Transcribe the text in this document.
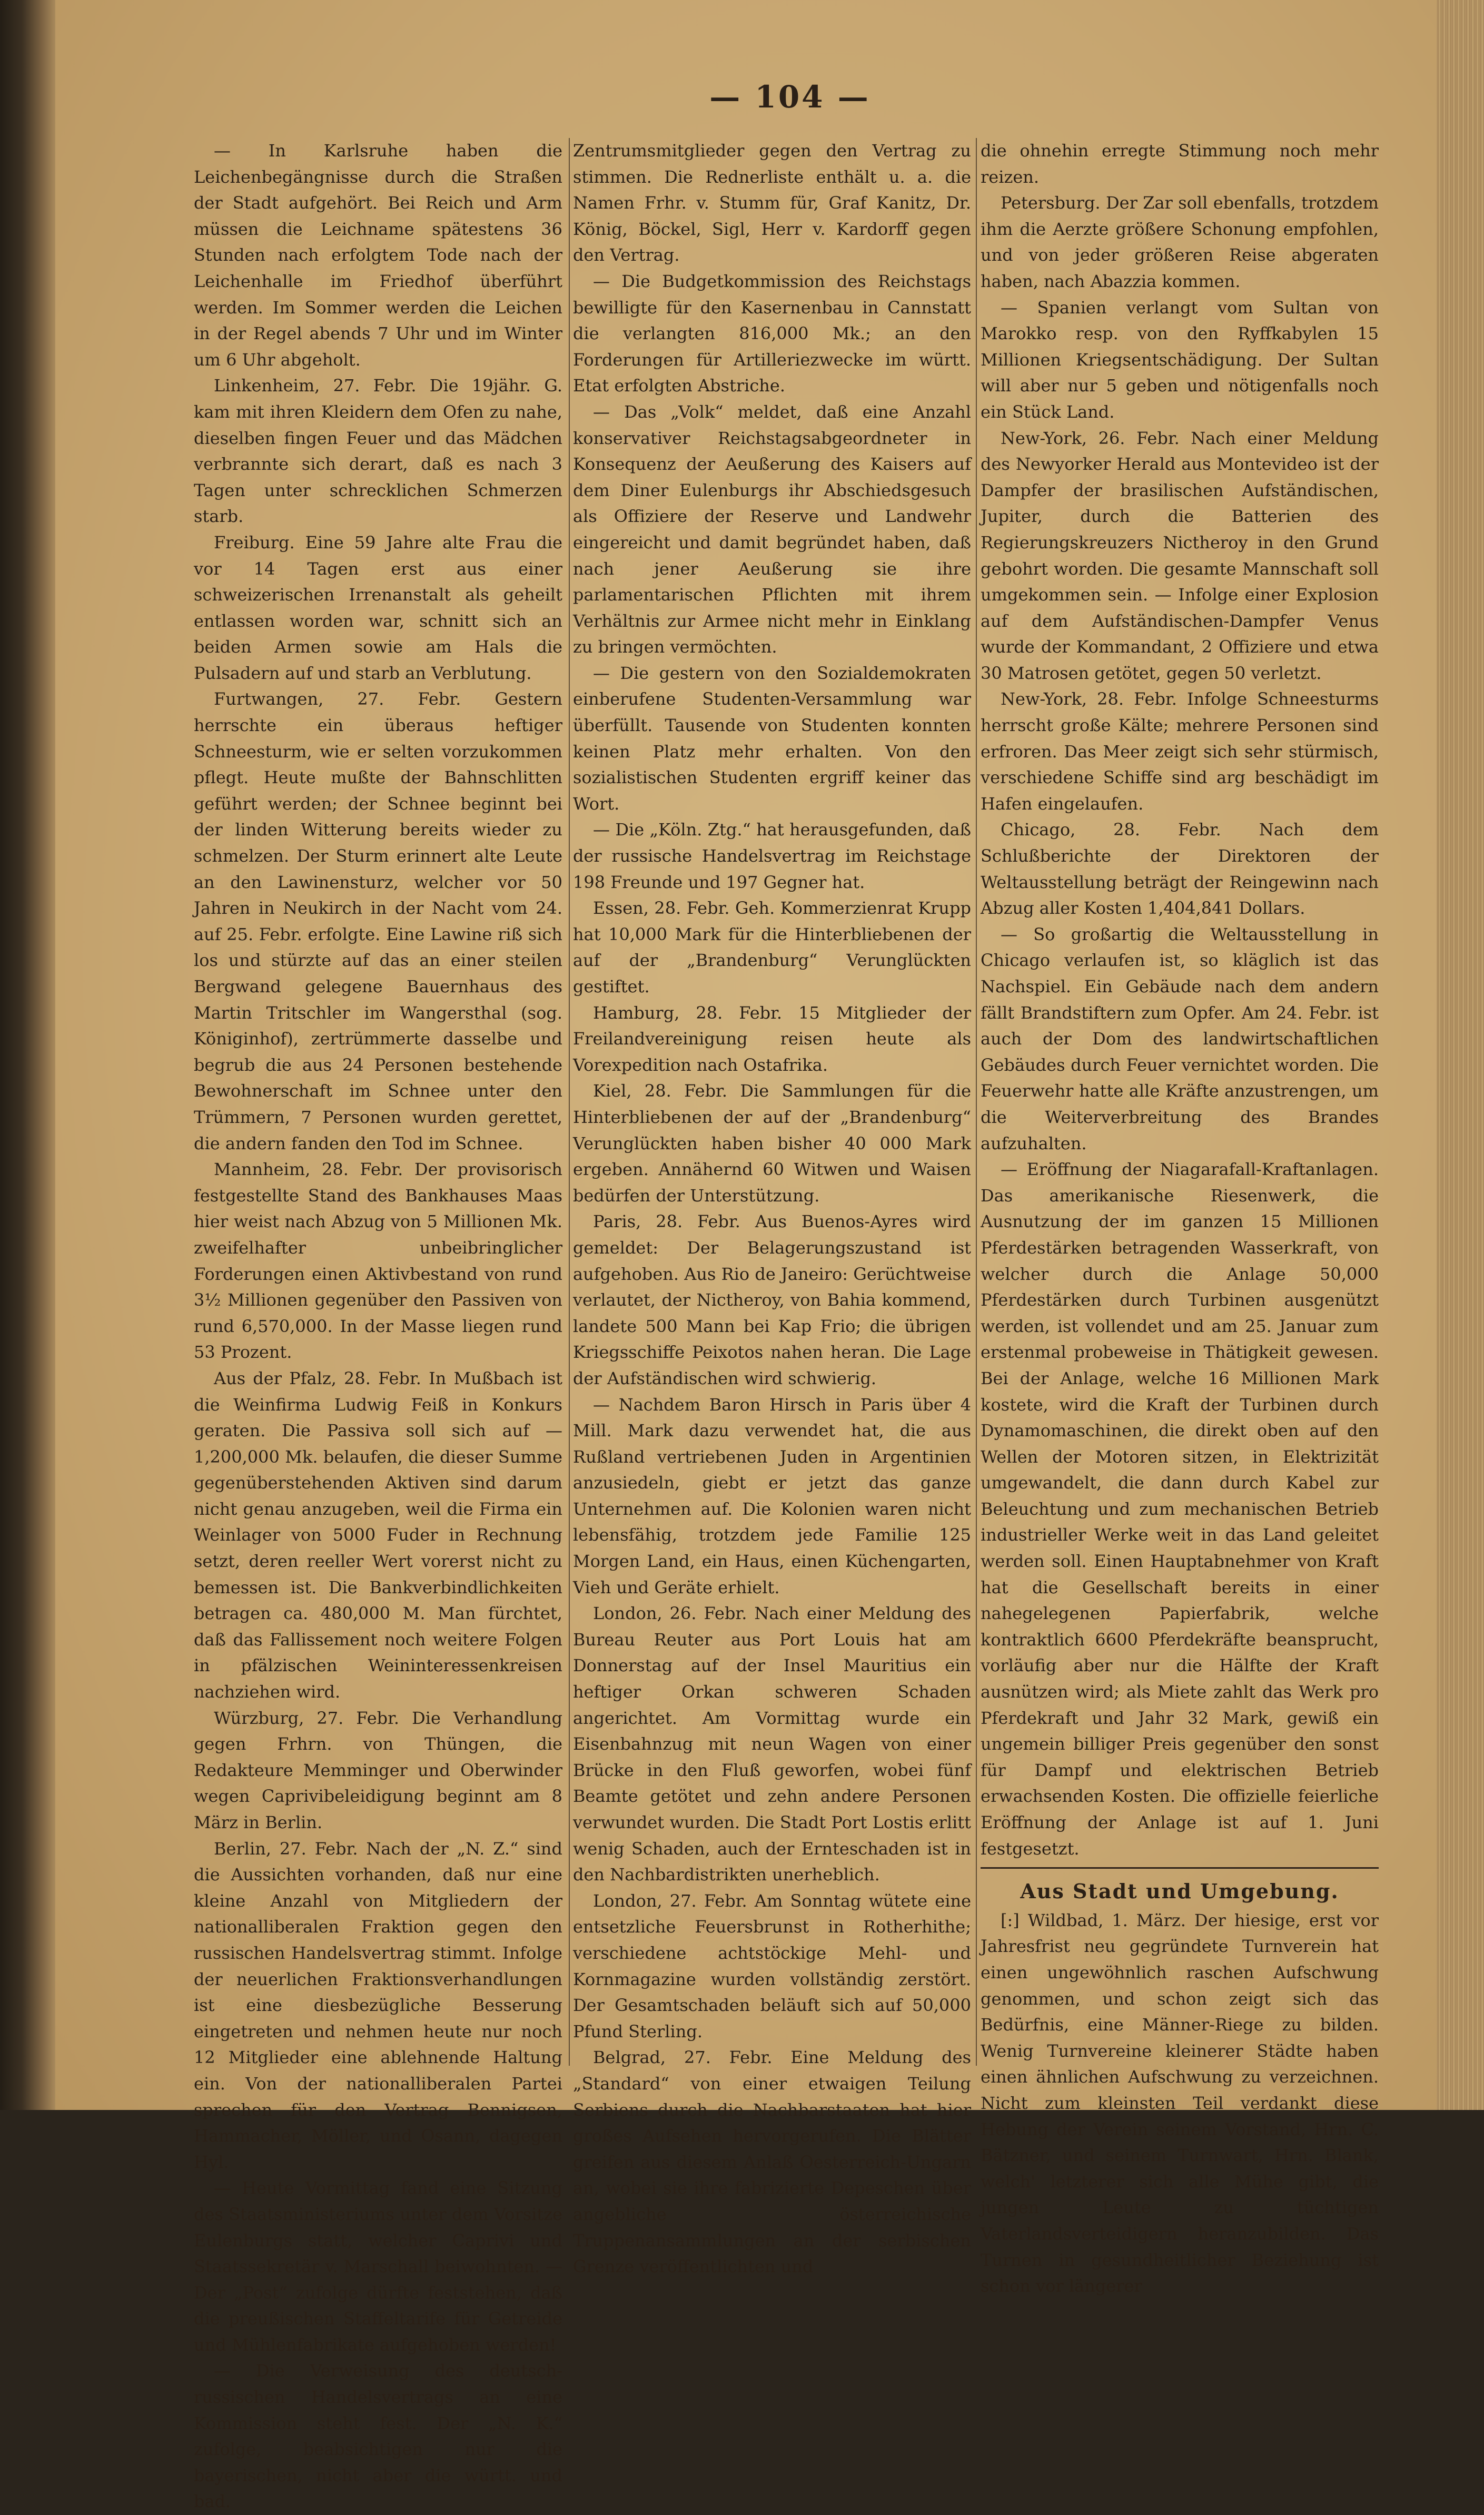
— 104 —

— In Karlsruhe haben die Leichenbegängnisse durch die Straßen der Stadt aufgehört. Bei Reich und Arm müssen die Leichname spätestens 36 Stunden nach erfolgtem Tode nach der Leichenhalle im Friedhof überführt werden. Im Sommer werden die Leichen in der Regel abends 7 Uhr und im Winter um 6 Uhr abgeholt.

Linkenheim, 27. Febr. Die 19jähr. G. kam mit ihren Kleidern dem Ofen zu nahe, dieselben fingen Feuer und das Mädchen verbrannte sich derart, daß es nach 3 Tagen unter schrecklichen Schmerzen starb.

Freiburg. Eine 59 Jahre alte Frau die vor 14 Tagen erst aus einer schweizerischen Irrenanstalt als geheilt entlassen worden war, schnitt sich an beiden Armen sowie am Hals die Pulsadern auf und starb an Verblutung.

Furtwangen, 27. Febr. Gestern herrschte ein überaus heftiger Schneesturm, wie er selten vorzukommen pflegt. Heute mußte der Bahnschlitten geführt werden; der Schnee beginnt bei der linden Witterung bereits wieder zu schmelzen. Der Sturm erinnert alte Leute an den Lawinensturz, welcher vor 50 Jahren in Neukirch in der Nacht vom 24. auf 25. Febr. erfolgte. Eine Lawine riß sich los und stürzte auf das an einer steilen Bergwand gelegene Bauernhaus des Martin Tritschler im Wangersthal (sog. Königinhof), zertrümmerte dasselbe und begrub die aus 24 Personen bestehende Bewohnerschaft im Schnee unter den Trümmern, 7 Personen wurden gerettet, die andern fanden den Tod im Schnee.

Mannheim, 28. Febr. Der provisorisch festgestellte Stand des Bankhauses Maas hier weist nach Abzug von 5 Millionen Mk. zweifelhafter unbeibringlicher Forderungen einen Aktivbestand von rund 3½ Millionen gegenüber den Passiven von rund 6,570,000. In der Masse liegen rund 53 Prozent.

Aus der Pfalz, 28. Febr. In Mußbach ist die Weinfirma Ludwig Feiß in Konkurs geraten. Die Passiva soll sich auf — 1,200,000 Mk. belaufen, die dieser Summe gegenüberstehenden Aktiven sind darum nicht genau anzugeben, weil die Firma ein Weinlager von 5000 Fuder in Rechnung setzt, deren reeller Wert vorerst nicht zu bemessen ist. Die Bankverbindlichkeiten betragen ca. 480,000 M. Man fürchtet, daß das Fallissement noch weitere Folgen in pfälzischen Weininteressenkreisen nachziehen wird.

Würzburg, 27. Febr. Die Verhandlung gegen Frhrn. von Thüngen, die Redakteure Memminger und Oberwinder wegen Caprivibeleidigung beginnt am 8 März in Berlin.

Berlin, 27. Febr. Nach der „N. Z.“ sind die Aussichten vorhanden, daß nur eine kleine Anzahl von Mitgliedern der nationalliberalen Fraktion gegen den russischen Handelsvertrag stimmt. Infolge der neuerlichen Fraktionsverhandlungen ist eine diesbezügliche Besserung eingetreten und nehmen heute nur noch 12 Mitglieder eine ablehnende Haltung ein. Von der nationalliberalen Partei sprechen für den Vertrag Bennigsen, Hammacher, Möller, und Osann, dagegen Hyl.

— Heute Vormittag fand eine Sitzung des Staatsministeriums unter dem Vorsitze Eulenburgs statt, welcher Caprivi und Staatssekretär v. Marschall beiwohnten. — Der „Post“ zufolge dürfte feststehen, daß die preußischen Staffeltarife für Getreide und Mühlenfabrikate aufgehoben werden!

— Die Verweisung des deutsch-russischen Handelsvertrags an eine Kommission steht fest. Der „N. K.“ zufolge, beabsichtigen nur die bayerischen, nicht aber die württ. und bad.

Zentrumsmitglieder gegen den Vertrag zu stimmen. Die Rednerliste enthält u. a. die Namen Frhr. v. Stumm für, Graf Kanitz, Dr. König, Böckel, Sigl, Herr v. Kardorff gegen den Vertrag.

— Die Budgetkommission des Reichstags bewilligte für den Kasernenbau in Cannstatt die verlangten 816,000 Mk.; an den Forderungen für Artilleriezwecke im württ. Etat erfolgten Abstriche.

— Das „Volk“ meldet, daß eine Anzahl konservativer Reichstagsabgeordneter in Konsequenz der Aeußerung des Kaisers auf dem Diner Eulenburgs ihr Abschiedsgesuch als Offiziere der Reserve und Landwehr eingereicht und damit begründet haben, daß nach jener Aeußerung sie ihre parlamentarischen Pflichten mit ihrem Verhältnis zur Armee nicht mehr in Einklang zu bringen vermöchten.

— Die gestern von den Sozialdemokraten einberufene Studenten-Versammlung war überfüllt. Tausende von Studenten konnten keinen Platz mehr erhalten. Von den sozialistischen Studenten ergriff keiner das Wort.

— Die „Köln. Ztg.“ hat herausgefunden, daß der russische Handelsvertrag im Reichstage 198 Freunde und 197 Gegner hat.

Essen, 28. Febr. Geh. Kommerzienrat Krupp hat 10,000 Mark für die Hinterbliebenen der auf der „Brandenburg“ Verunglückten gestiftet.

Hamburg, 28. Febr. 15 Mitglieder der Freilandvereinigung reisen heute als Vorexpedition nach Ostafrika.

Kiel, 28. Febr. Die Sammlungen für die Hinterbliebenen der auf der „Brandenburg“ Verunglückten haben bisher 40 000 Mark ergeben. Annähernd 60 Witwen und Waisen bedürfen der Unterstützung.

Paris, 28. Febr. Aus Buenos-Ayres wird gemeldet: Der Belagerungszustand ist aufgehoben. Aus Rio de Janeiro: Gerüchtweise verlautet, der Nictheroy, von Bahia kommend, landete 500 Mann bei Kap Frio; die übrigen Kriegsschiffe Peixotos nahen heran. Die Lage der Aufständischen wird schwierig.

— Nachdem Baron Hirsch in Paris über 4 Mill. Mark dazu verwendet hat, die aus Rußland vertriebenen Juden in Argentinien anzusiedeln, giebt er jetzt das ganze Unternehmen auf. Die Kolonien waren nicht lebensfähig, trotzdem jede Familie 125 Morgen Land, ein Haus, einen Küchengarten, Vieh und Geräte erhielt.

London, 26. Febr. Nach einer Meldung des Bureau Reuter aus Port Louis hat am Donnerstag auf der Insel Mauritius ein heftiger Orkan schweren Schaden angerichtet. Am Vormittag wurde ein Eisenbahnzug mit neun Wagen von einer Brücke in den Fluß geworfen, wobei fünf Beamte getötet und zehn andere Personen verwundet wurden. Die Stadt Port Lostis erlitt wenig Schaden, auch der Ernteschaden ist in den Nachbardistrikten unerheblich.

London, 27. Febr. Am Sonntag wütete eine entsetzliche Feuersbrunst in Rotherhithe; verschiedene achtstöckige Mehl- und Kornmagazine wurden vollständig zerstört. Der Gesamtschaden beläuft sich auf 50,000 Pfund Sterling.

Belgrad, 27. Febr. Eine Meldung des „Standard“ von einer etwaigen Teilung Serbiens durch die Nachbarstaaten hat hier großes Aufsehen hervorgerufen. Die Blätter greifen aus diesem Anlaß Oesterreich-Ungarn an, wobei sie ihre fabrizierte Depeschen über angebliche österreichische Truppenansammlungen an der serbischen Grenze veröffentlichten und

die ohnehin erregte Stimmung noch mehr reizen.

Petersburg. Der Zar soll ebenfalls, trotzdem ihm die Aerzte größere Schonung empfohlen, und von jeder größeren Reise abgeraten haben, nach Abazzia kommen.

— Spanien verlangt vom Sultan von Marokko resp. von den Ryffkabylen 15 Millionen Kriegsentschädigung. Der Sultan will aber nur 5 geben und nötigenfalls noch ein Stück Land.

New-York, 26. Febr. Nach einer Meldung des Newyorker Herald aus Montevideo ist der Dampfer der brasilischen Aufständischen, Jupiter, durch die Batterien des Regierungskreuzers Nictheroy in den Grund gebohrt worden. Die gesamte Mannschaft soll umgekommen sein. — Infolge einer Explosion auf dem Aufständischen-Dampfer Venus wurde der Kommandant, 2 Offiziere und etwa 30 Matrosen getötet, gegen 50 verletzt.

New-York, 28. Febr. Infolge Schneesturms herrscht große Kälte; mehrere Personen sind erfroren. Das Meer zeigt sich sehr stürmisch, verschiedene Schiffe sind arg beschädigt im Hafen eingelaufen.

Chicago, 28. Febr. Nach dem Schlußberichte der Direktoren der Weltausstellung beträgt der Reingewinn nach Abzug aller Kosten 1,404,841 Dollars.

— So großartig die Weltausstellung in Chicago verlaufen ist, so kläglich ist das Nachspiel. Ein Gebäude nach dem andern fällt Brandstiftern zum Opfer. Am 24. Febr. ist auch der Dom des landwirtschaftlichen Gebäudes durch Feuer vernichtet worden. Die Feuerwehr hatte alle Kräfte anzustrengen, um die Weiterverbreitung des Brandes aufzuhalten.

— Eröffnung der Niagarafall-Kraftanlagen. Das amerikanische Riesenwerk, die Ausnutzung der im ganzen 15 Millionen Pferdestärken betragenden Wasserkraft, von welcher durch die Anlage 50,000 Pferdestärken durch Turbinen ausgenützt werden, ist vollendet und am 25. Januar zum erstenmal probeweise in Thätigkeit gewesen. Bei der Anlage, welche 16 Millionen Mark kostete, wird die Kraft der Turbinen durch Dynamomaschinen, die direkt oben auf den Wellen der Motoren sitzen, in Elektrizität umgewandelt, die dann durch Kabel zur Beleuchtung und zum mechanischen Betrieb industrieller Werke weit in das Land geleitet werden soll. Einen Hauptabnehmer von Kraft hat die Gesellschaft bereits in einer nahegelegenen Papierfabrik, welche kontraktlich 6600 Pferdekräfte beansprucht, vorläufig aber nur die Hälfte der Kraft ausnützen wird; als Miete zahlt das Werk pro Pferdekraft und Jahr 32 Mark, gewiß ein ungemein billiger Preis gegenüber den sonst für Dampf und elektrischen Betrieb erwachsenden Kosten. Die offizielle feierliche Eröffnung der Anlage ist auf 1. Juni festgesetzt.

Aus Stadt und Umgebung.

[:] Wildbad, 1. März. Der hiesige, erst vor Jahresfrist neu gegründete Turnverein hat einen ungewöhnlich raschen Aufschwung genommen, und schon zeigt sich das Bedürfnis, eine Männer-Riege zu bilden. Wenig Turnvereine kleinerer Städte haben einen ähnlichen Aufschwung zu verzeichnen. Nicht zum kleinsten Teil verdankt diese Hebung der Verein seinem Vorstand, Hrn. C. Bätzner, und seinem Turnwart, Hrn. Blank, welch' letzterer sich alle Mühe gibt, die jungen Leute zu tüchtigen Vaterlandsverteidigern heranzubilden. Das Turnen in gesundheitlicher Beziehung ist schon vor längerer
